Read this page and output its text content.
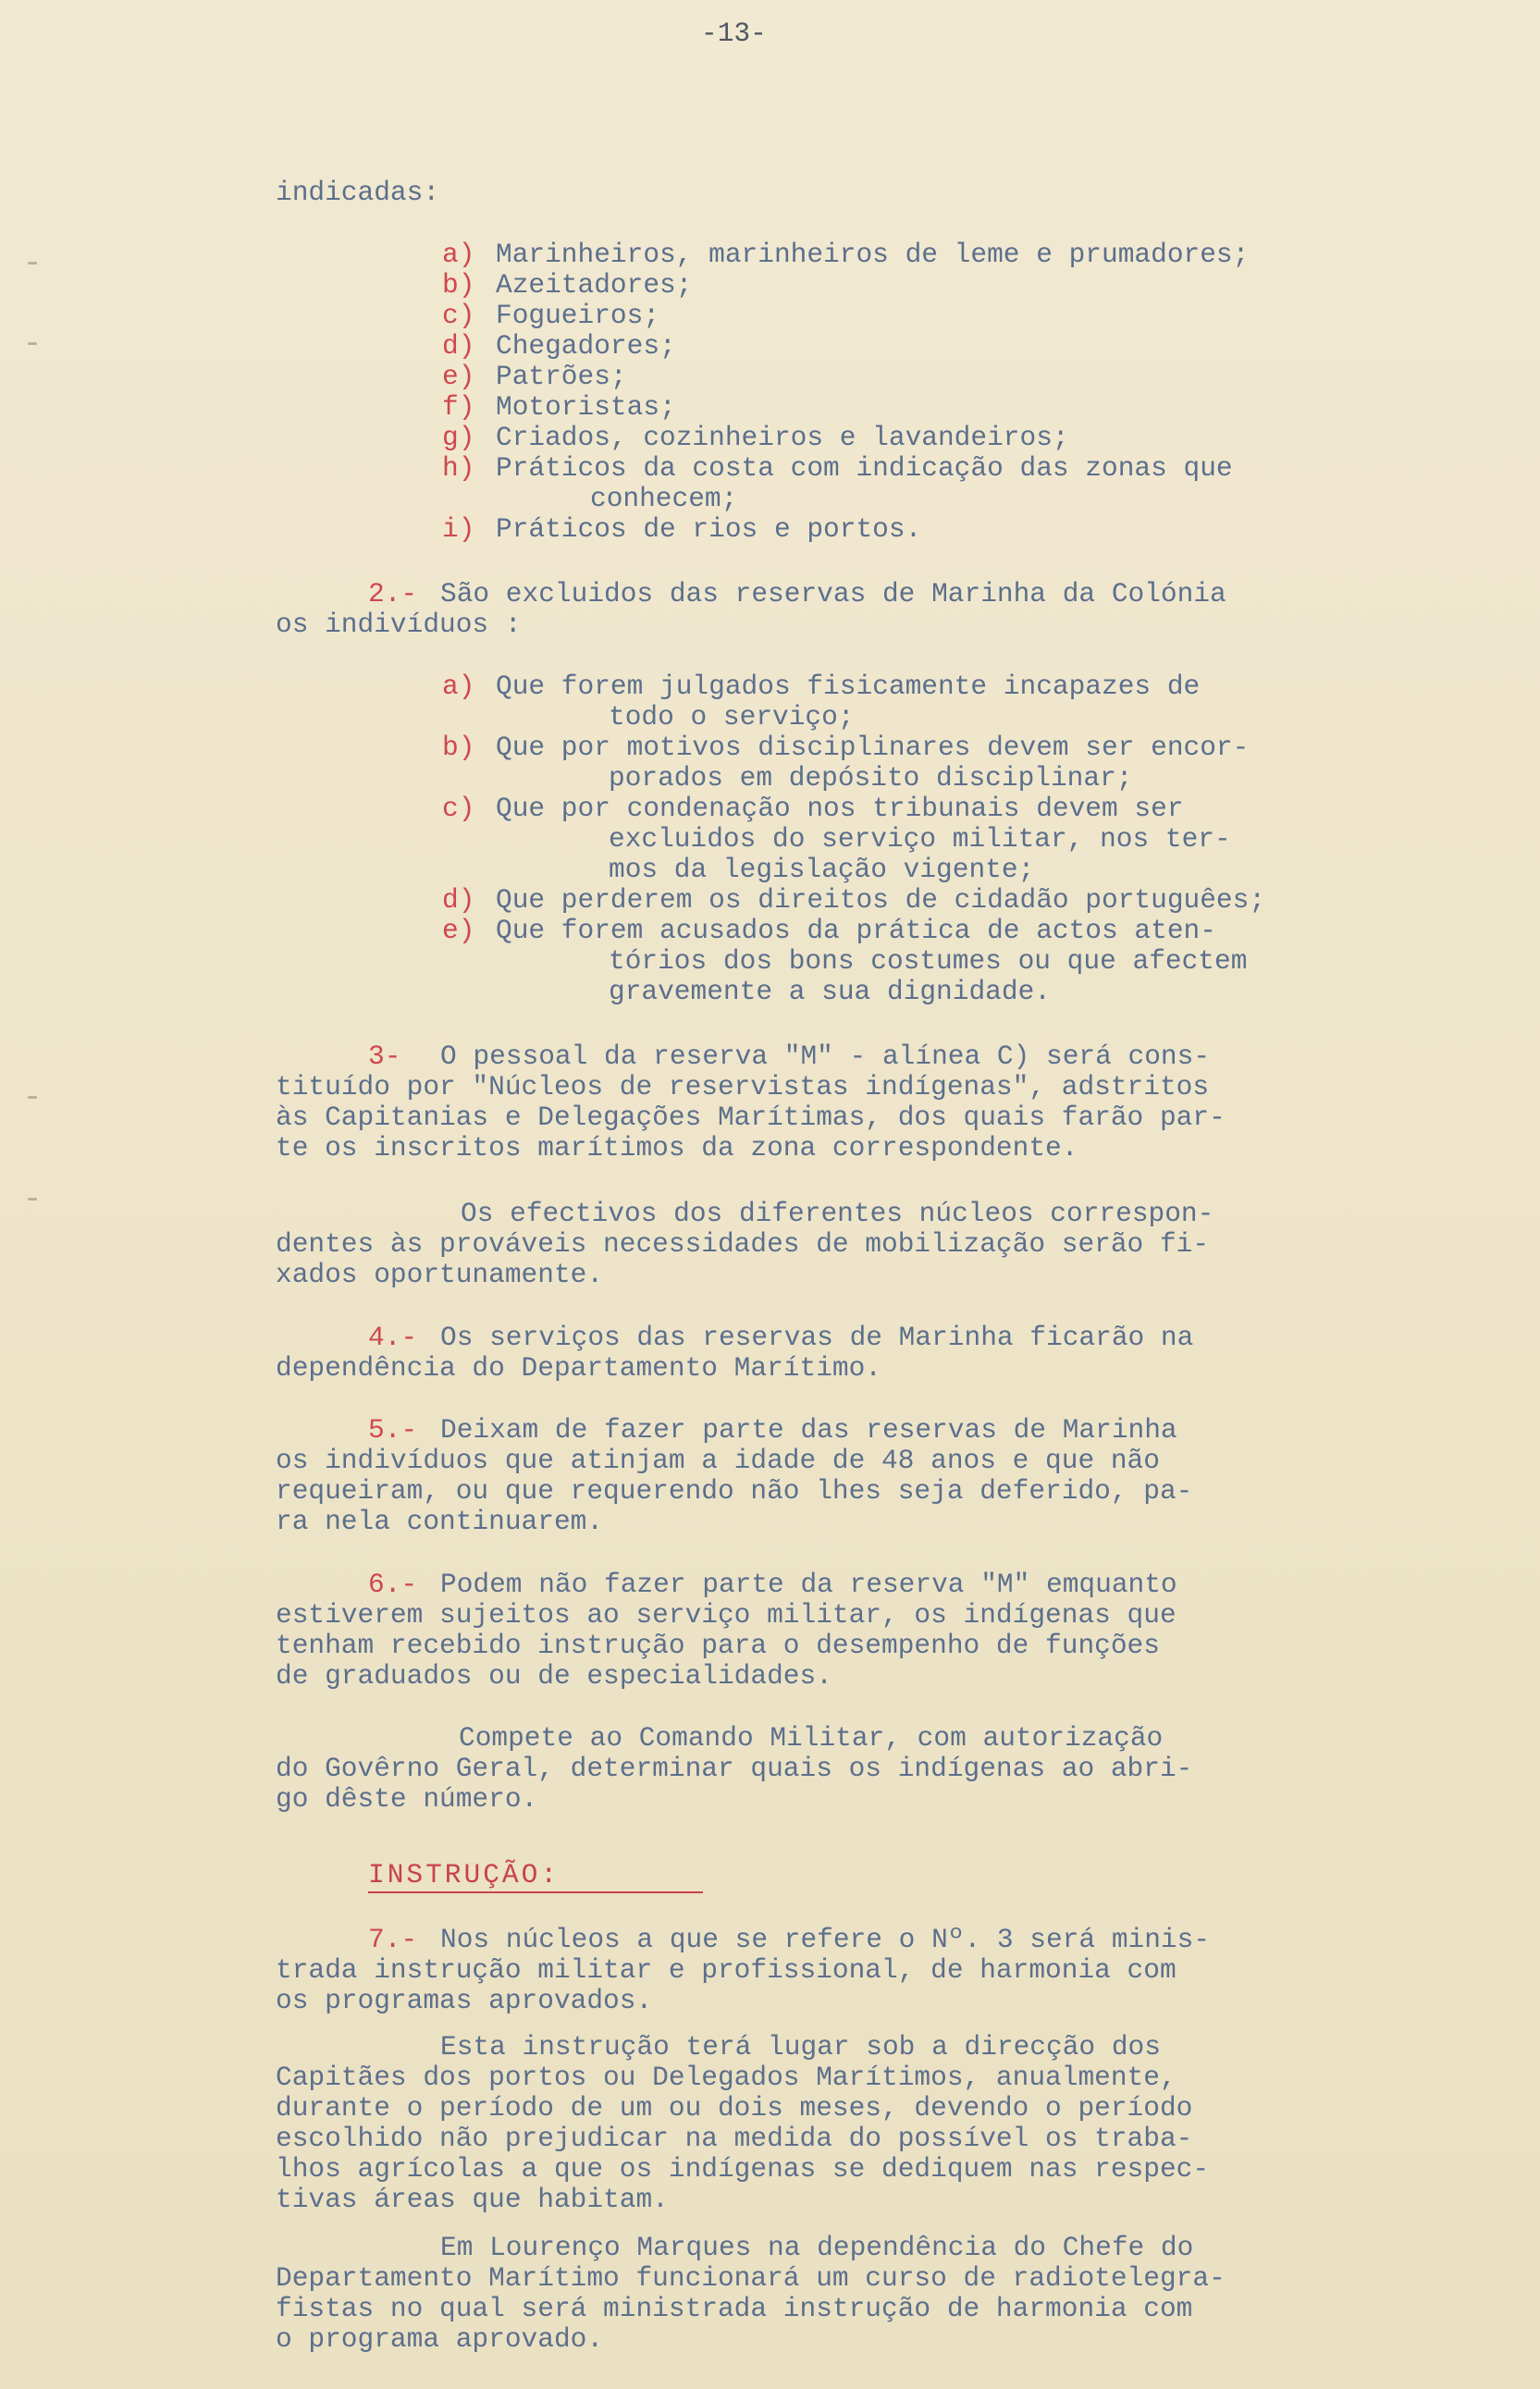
-13-
indicadas:
a) Marinheiros, marinheiros de leme e prumadores;
b) Azeitadores;
c) Fogueiros;
d) Chegadores;
e) Patrões;
f) Motoristas;
g) Criados, cozinheiros e lavandeiros;
h) Práticos da costa com indicação das zonas que
conhecem;
i) Práticos de rios e portos.
2.- São excluidos das reservas de Marinha da Colónia
os indivíduos :
a) Que forem julgados fisicamente incapazes de
todo o serviço;
b) Que por motivos disciplinares devem ser encor-
porados em depósito disciplinar;
c) Que por condenação nos tribunais devem ser
excluidos do serviço militar, nos ter-
mos da legislação vigente;
d) Que perderem os direitos de cidadão portuguêes;
e) Que forem acusados da prática de actos aten-
tórios dos bons costumes ou que afectem
gravemente a sua dignidade.
3- O pessoal da reserva "M" - alínea C) será cons-
tituído por "Núcleos de reservistas indígenas", adstritos
às Capitanias e Delegações Marítimas, dos quais farão par-
te os inscritos marítimos da zona correspondente.
Os efectivos dos diferentes núcleos correspon-
dentes às prováveis necessidades de mobilização serão fi-
xados oportunamente.
4.- Os serviços das reservas de Marinha ficarão na
dependência do Departamento Marítimo.
5.- Deixam de fazer parte das reservas de Marinha
os indivíduos que atinjam a idade de 48 anos e que não
requeiram, ou que requerendo não lhes seja deferido, pa-
ra nela continuarem.
6.- Podem não fazer parte da reserva "M" emquanto
estiverem sujeitos ao serviço militar, os indígenas que
tenham recebido instrução para o desempenho de funções
de graduados ou de especialidades.
Compete ao Comando Militar, com autorização
do Govêrno Geral, determinar quais os indígenas ao abri-
go dêste número.
INSTRUÇÃO:
7.- Nos núcleos a que se refere o Nº. 3 será minis-
trada instrução militar e profissional, de harmonia com
os programas aprovados.
Esta instrução terá lugar sob a direcção dos
Capitães dos portos ou Delegados Marítimos, anualmente,
durante o período de um ou dois meses, devendo o período
escolhido não prejudicar na medida do possível os traba-
lhos agrícolas a que os indígenas se dediquem nas respec-
tivas áreas que habitam.
Em Lourenço Marques na dependência do Chefe do
Departamento Marítimo funcionará um curso de radiotelegra-
fistas no qual será ministrada instrução de harmonia com
o programa aprovado.
